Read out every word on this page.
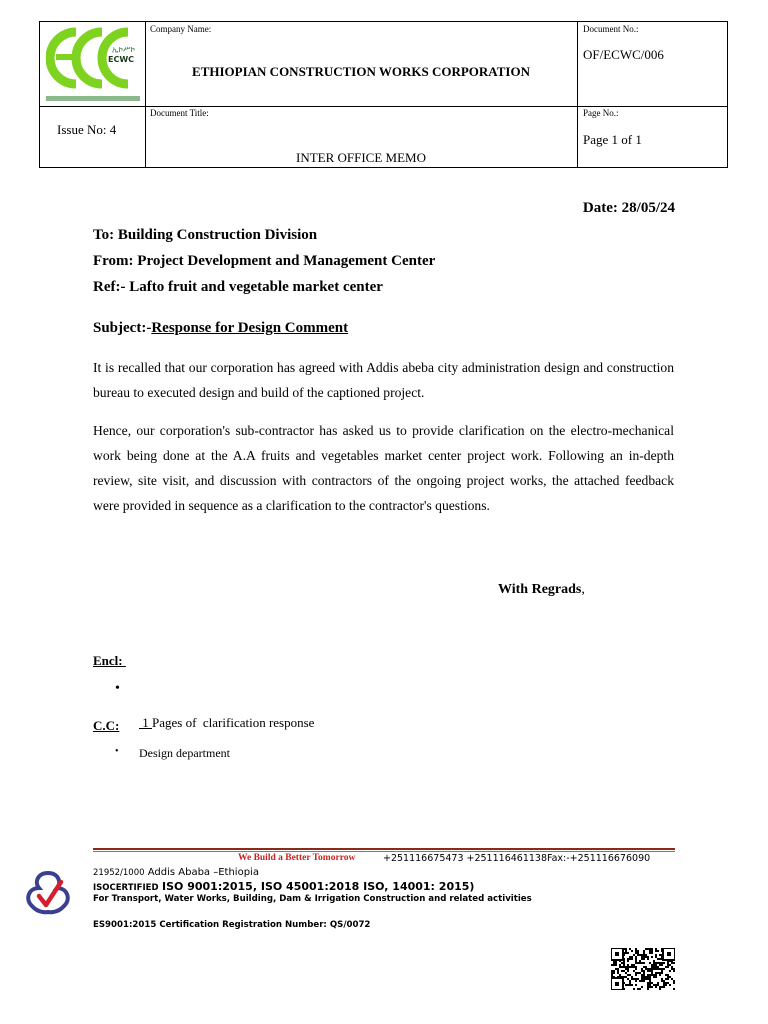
ኢኮሥኮ
ECWC
Company Name:
ETHIOPIAN CONSTRUCTION WORKS CORPORATION
Document No.:
OF/ECWC/006
Issue No: 4
Document Title:
INTER OFFICE MEMO
Page No.:
Page 1 of 1
Date: 28/05/24
To: Building Construction Division
From: Project Development and Management Center
Ref:- Lafto fruit and vegetable market center
Subject:-Response for Design Comment
It is recalled that our corporation has agreed with Addis abeba city administration design and construction bureau to executed design and build of the captioned project.
Hence, our corporation's sub-contractor has asked us to provide clarification on the electro-mechanical work being done at the A.A fruits and vegetables market center project work. Following an in-depth review, site visit, and discussion with contractors of the ongoing project works, the attached feedback were provided in sequence as a clarification to the contractor's questions.
With Regrads,
Encl:

•

1 Pages of  clarification response

C.C:
• Design department
We Build a Better Tomorrow	+251116675473 +251116461138Fax:-+251116676090
21952/1000 Addis Ababa –Ethiopia
ISOCERTIFIED ISO 9001:2015, ISO 45001:2018 ISO, 14001: 2015)
For Transport, Water Works, Building, Dam & Irrigation Construction and related activities
ES9001:2015 Certification Registration Number: QS/0072
